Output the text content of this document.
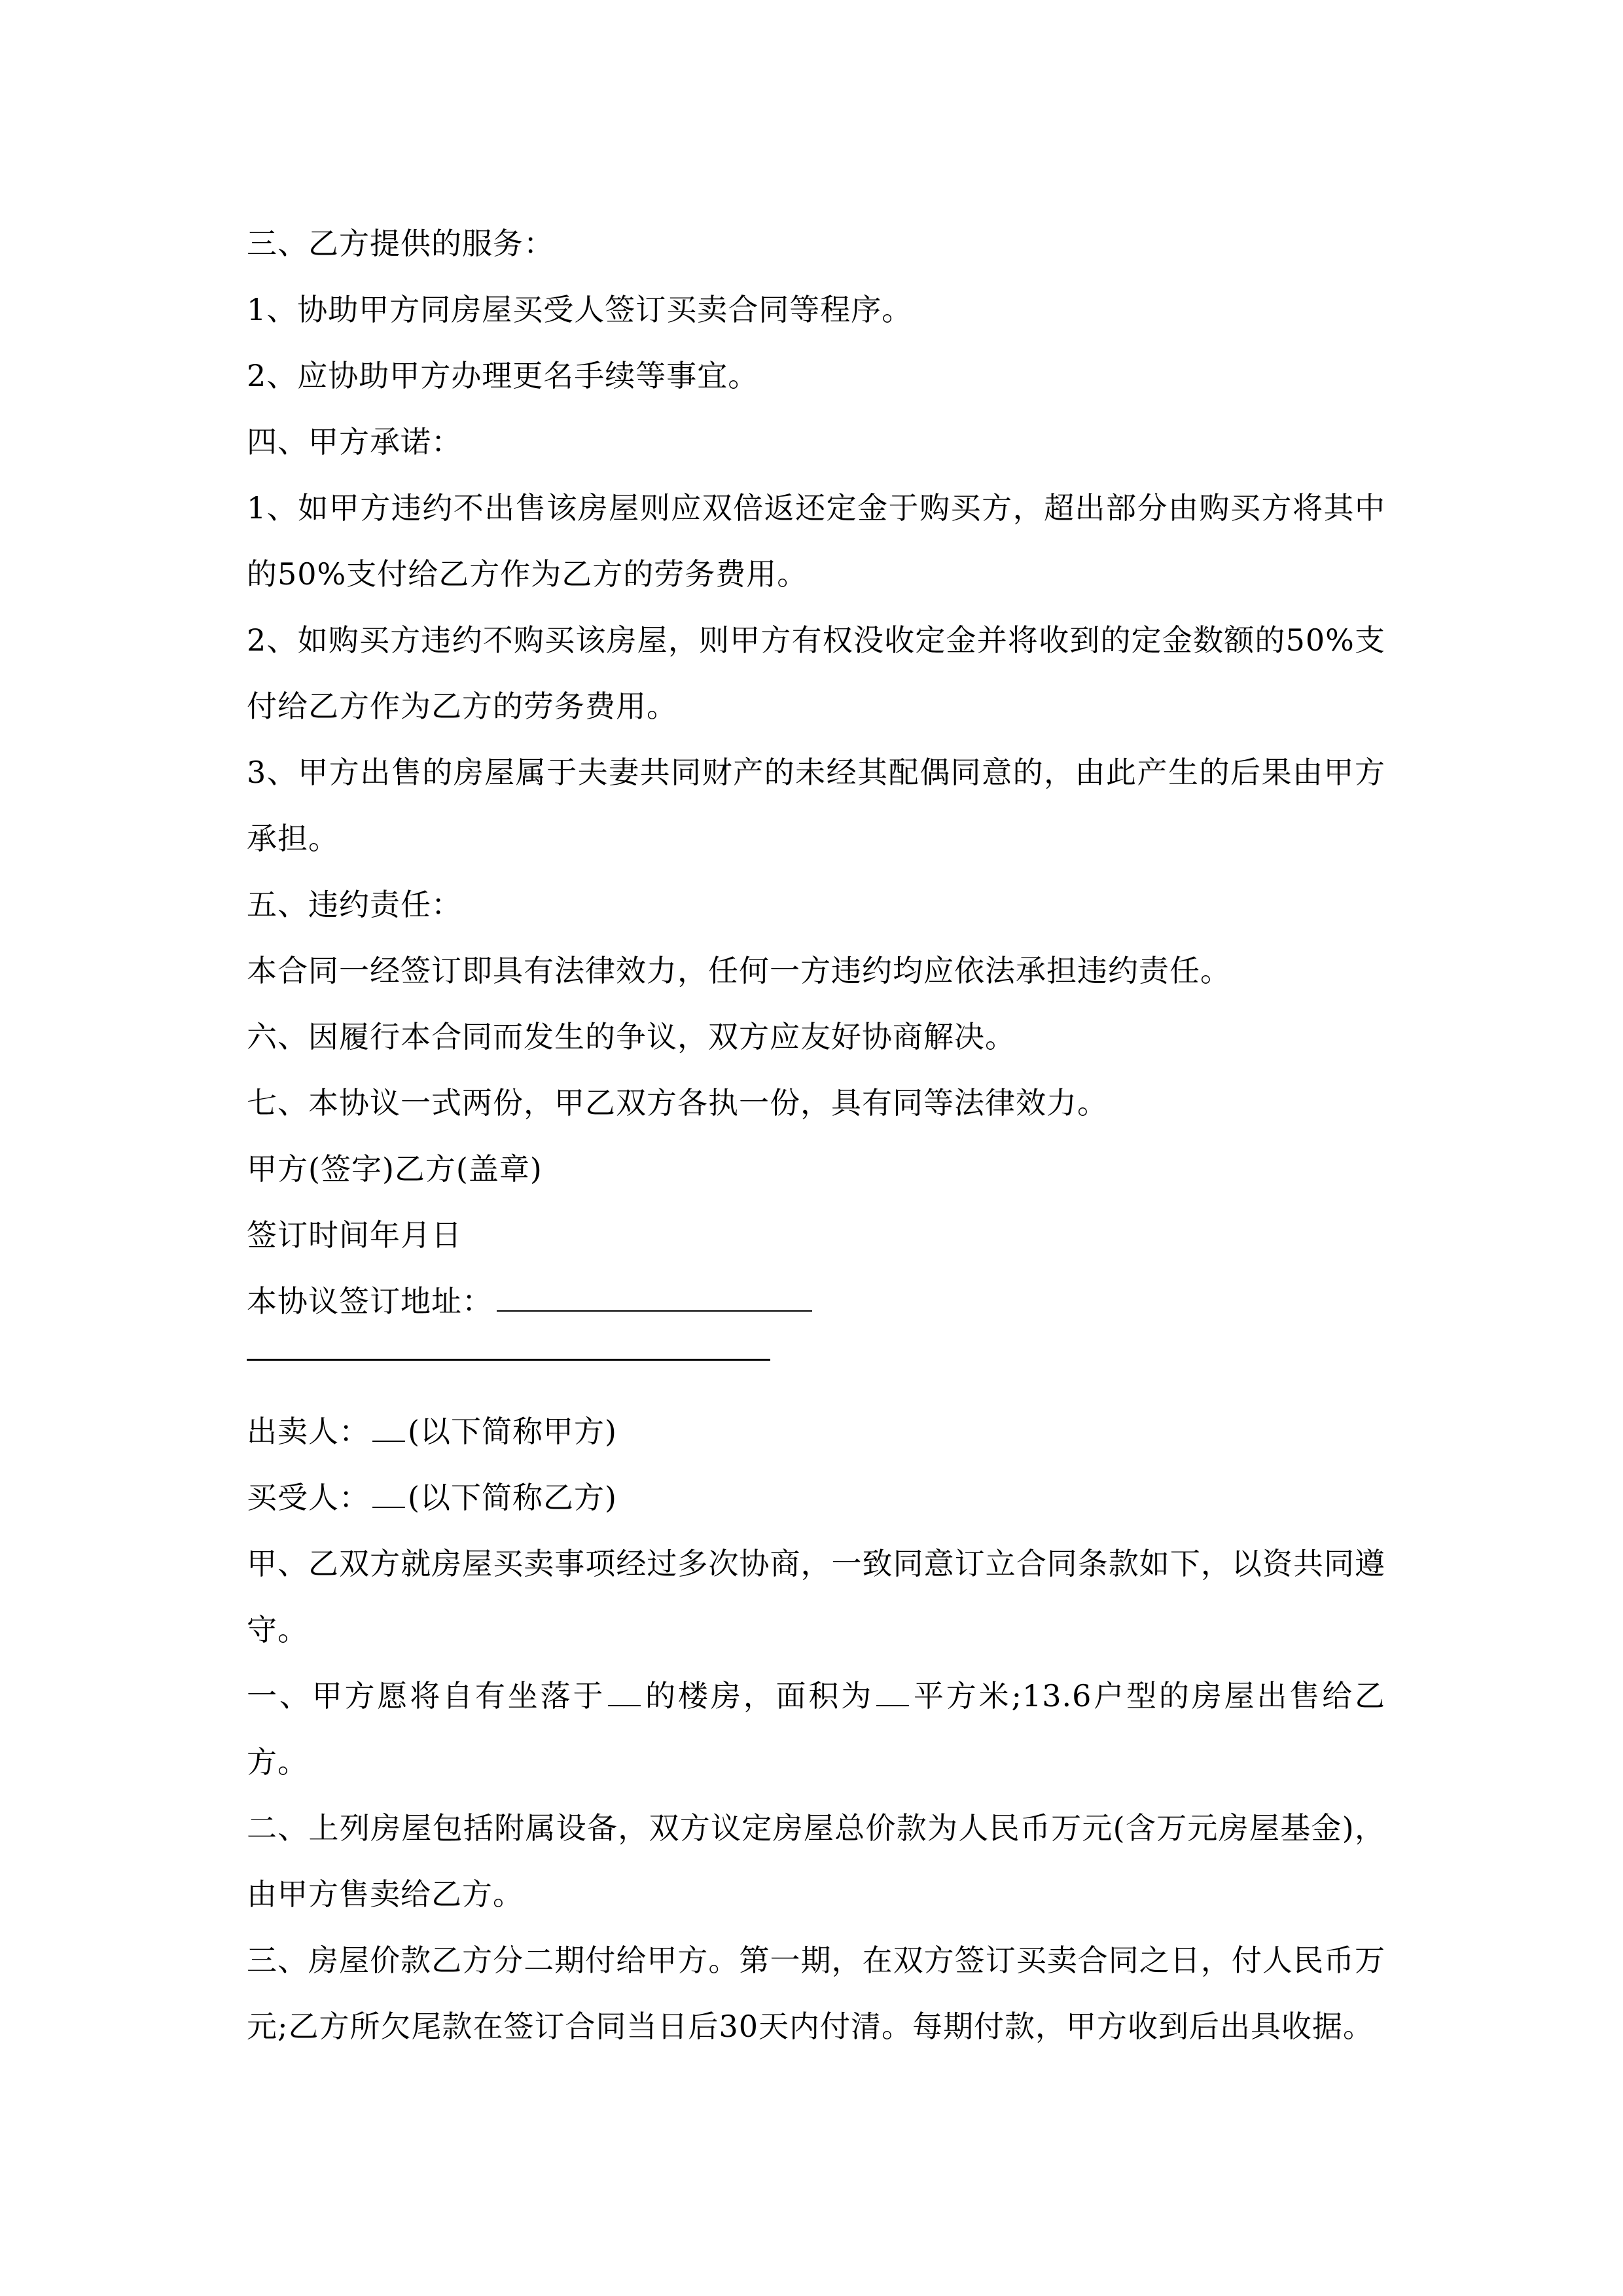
三、乙方提供的服务：

1、协助甲方同房屋买受人签订买卖合同等程序。

2、应协助甲方办理更名手续等事宜。

四、甲方承诺：

1、如甲方违约不出售该房屋则应双倍返还定金于购买方，超出部分由购买方将其中的50%支付给乙方作为乙方的劳务费用。

2、如购买方违约不购买该房屋，则甲方有权没收定金并将收到的定金数额的50%支付给乙方作为乙方的劳务费用。

3、甲方出售的房屋属于夫妻共同财产的未经其配偶同意的，由此产生的后果由甲方承担。

五、违约责任：

本合同一经签订即具有法律效力，任何一方违约均应依法承担违约责任。

六、因履行本合同而发生的争议，双方应友好协商解决。

七、本协议一式两份，甲乙双方各执一份，具有同等法律效力。

甲方(签字)乙方(盖章)

签订时间年月日

本协议签订地址：

出卖人： (以下简称甲方)

买受人： (以下简称乙方)

甲、乙双方就房屋买卖事项经过多次协商，一致同意订立合同条款如下，以资共同遵守。

一、甲方愿将自有坐落于 的楼房，面积为 平方米;13.6户型的房屋出售给乙方。

二、上列房屋包括附属设备，双方议定房屋总价款为人民币万元(含万元房屋基金)，由甲方售卖给乙方。

三、房屋价款乙方分二期付给甲方。第一期，在双方签订买卖合同之日，付人民币万元;乙方所欠尾款在签订合同当日后30天内付清。每期付款，甲方收到后出具收据。
